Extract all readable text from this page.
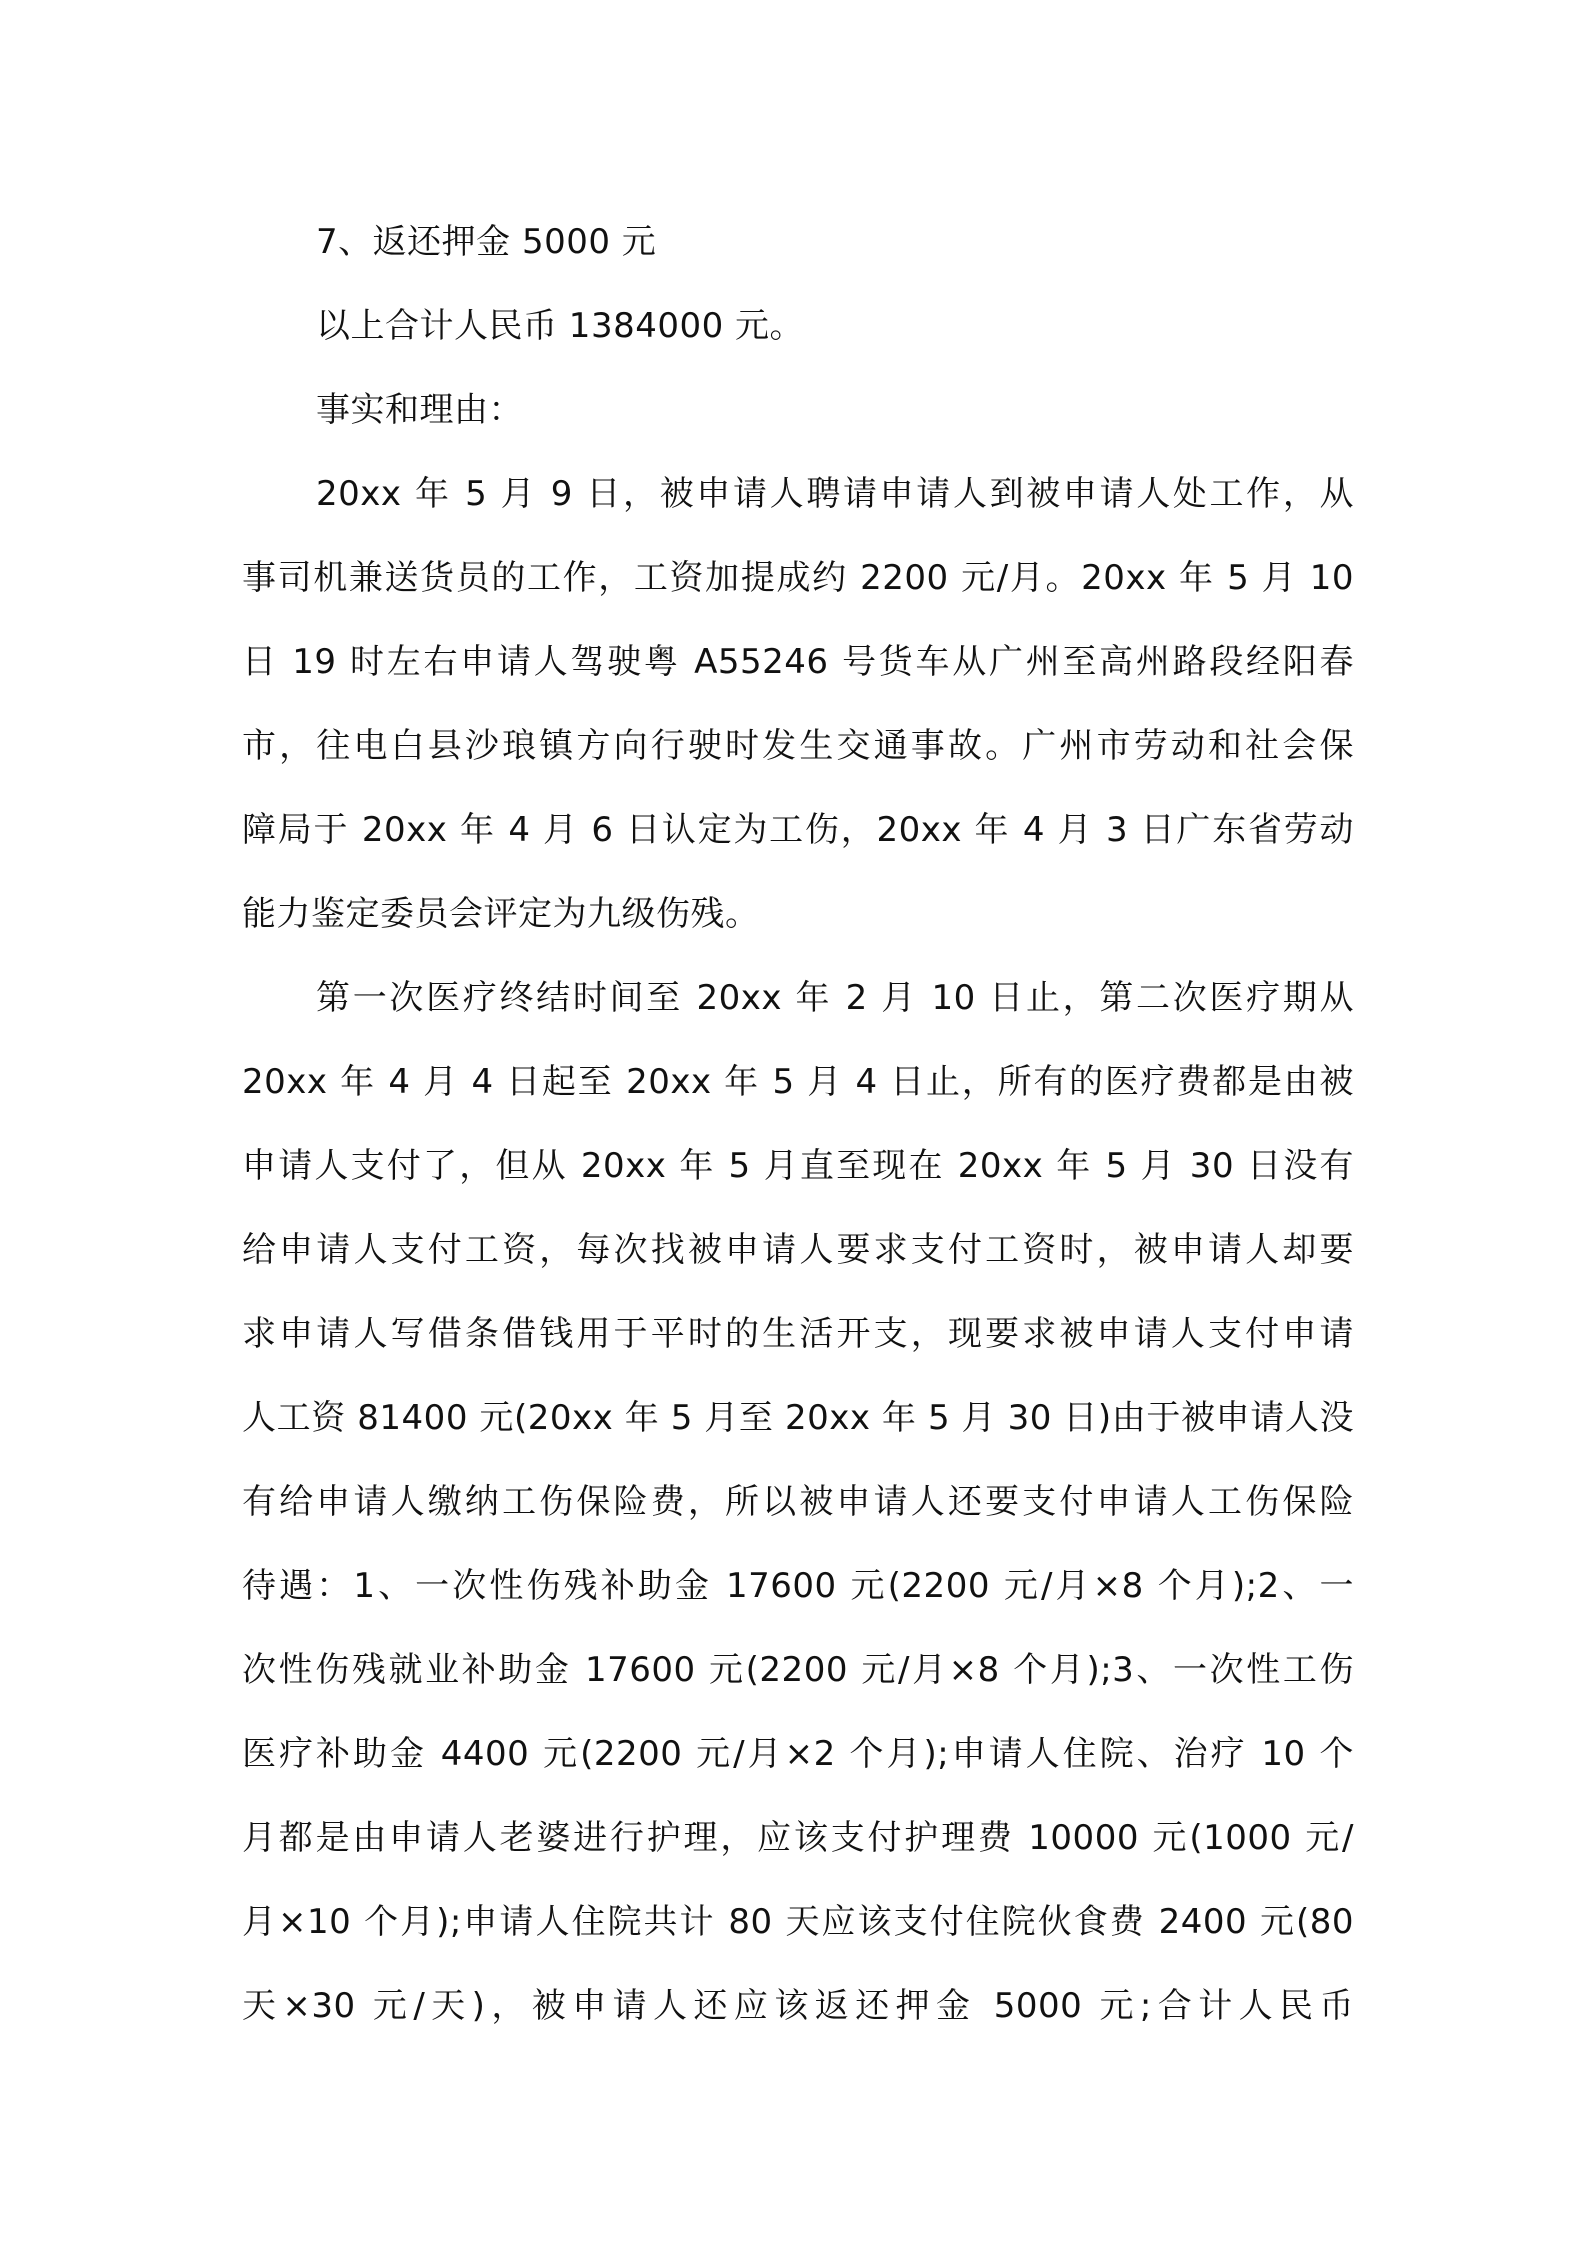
7、返还押金 5000 元
以上合计人民币 1384000 元。
事实和理由：
20xx 年 5 月 9 日，被申请人聘请申请人到被申请人处工作，从
事司机兼送货员的工作，工资加提成约 2200 元/月。20xx 年 5 月 10
日 19 时左右申请人驾驶粤 A55246 号货车从广州至高州路段经阳春
市，往电白县沙琅镇方向行驶时发生交通事故。广州市劳动和社会保
障局于 20xx 年 4 月 6 日认定为工伤，20xx 年 4 月 3 日广东省劳动
能力鉴定委员会评定为九级伤残。
第一次医疗终结时间至 20xx 年 2 月 10 日止，第二次医疗期从
20xx 年 4 月 4 日起至 20xx 年 5 月 4 日止，所有的医疗费都是由被
申请人支付了，但从 20xx 年 5 月直至现在 20xx 年 5 月 30 日没有
给申请人支付工资，每次找被申请人要求支付工资时，被申请人却要
求申请人写借条借钱用于平时的生活开支，现要求被申请人支付申请
人工资 81400 元(20xx 年 5 月至 20xx 年 5 月 30 日)由于被申请人没
有给申请人缴纳工伤保险费，所以被申请人还要支付申请人工伤保险
待遇：1、一次性伤残补助金 17600 元(2200 元/月×8 个月);2、一
次性伤残就业补助金 17600 元(2200 元/月×8 个月);3、一次性工伤
医疗补助金 4400 元(2200 元/月×2 个月);申请人住院、治疗 10 个
月都是由申请人老婆进行护理，应该支付护理费 10000 元(1000 元/
月×10 个月);申请人住院共计 80 天应该支付住院伙食费 2400 元(80
天×30 元/天)，被申请人还应该返还押金 5000 元;合计人民币
